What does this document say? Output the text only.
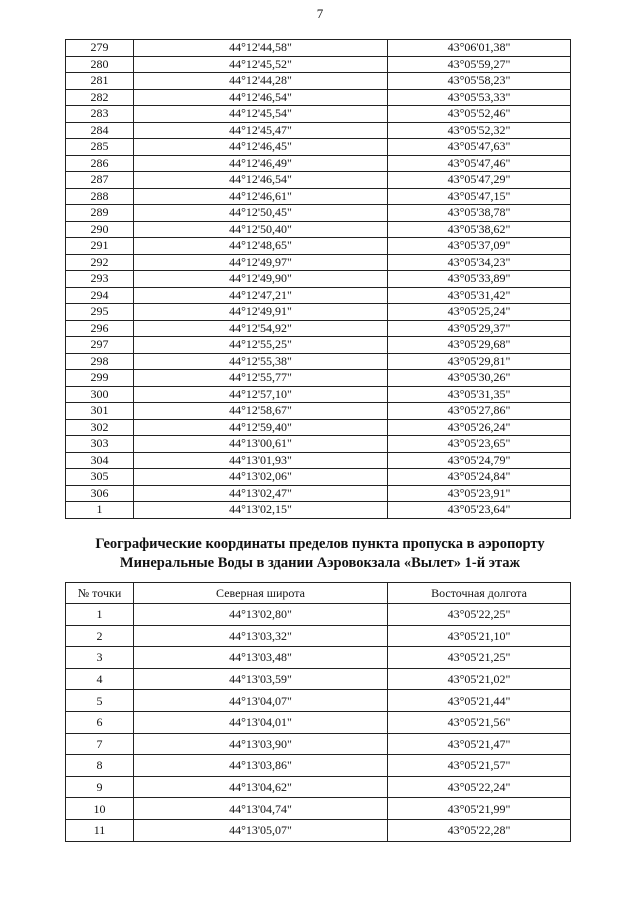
7
279	44°12'44,58"	43°06'01,38"
280	44°12'45,52"	43°05'59,27"
281	44°12'44,28"	43°05'58,23"
282	44°12'46,54"	43°05'53,33"
283	44°12'45,54"	43°05'52,46"
284	44°12'45,47"	43°05'52,32"
285	44°12'46,45"	43°05'47,63"
286	44°12'46,49"	43°05'47,46"
287	44°12'46,54"	43°05'47,29"
288	44°12'46,61"	43°05'47,15"
289	44°12'50,45"	43°05'38,78"
290	44°12'50,40"	43°05'38,62"
291	44°12'48,65"	43°05'37,09"
292	44°12'49,97"	43°05'34,23"
293	44°12'49,90"	43°05'33,89"
294	44°12'47,21"	43°05'31,42"
295	44°12'49,91"	43°05'25,24"
296	44°12'54,92"	43°05'29,37"
297	44°12'55,25"	43°05'29,68"
298	44°12'55,38"	43°05'29,81"
299	44°12'55,77"	43°05'30,26"
300	44°12'57,10"	43°05'31,35"
301	44°12'58,67"	43°05'27,86"
302	44°12'59,40"	43°05'26,24"
303	44°13'00,61"	43°05'23,65"
304	44°13'01,93"	43°05'24,79"
305	44°13'02,06"	43°05'24,84"
306	44°13'02,47"	43°05'23,91"
1	44°13'02,15"	43°05'23,64"
Географические координаты пределов пункта пропуска в аэропорту
Минеральные Воды в здании Аэровокзала «Вылет» 1-й этаж
№ точки	Северная широта	Восточная долгота
1	44°13'02,80"	43°05'22,25"
2	44°13'03,32"	43°05'21,10"
3	44°13'03,48"	43°05'21,25"
4	44°13'03,59"	43°05'21,02"
5	44°13'04,07"	43°05'21,44"
6	44°13'04,01"	43°05'21,56"
7	44°13'03,90"	43°05'21,47"
8	44°13'03,86"	43°05'21,57"
9	44°13'04,62"	43°05'22,24"
10	44°13'04,74"	43°05'21,99"
11	44°13'05,07"	43°05'22,28"
